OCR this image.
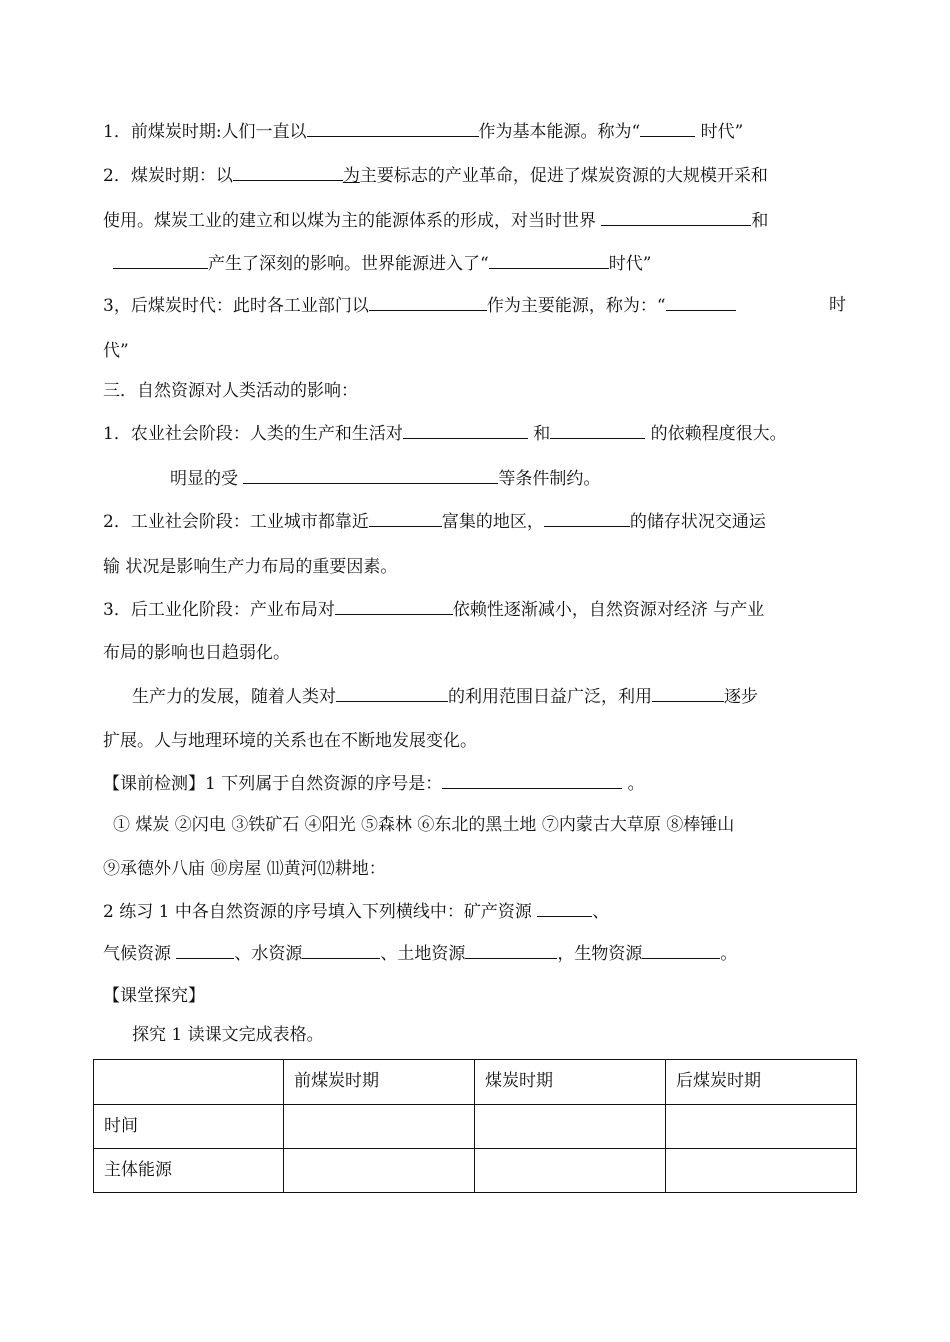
1．前煤炭时期:人们一直以	作为基本能源。称为“	时代”
2．煤炭时期：以	为主要标志的产业革命，促进了煤炭资源的大规模开采和
使用。煤炭工业的建立和以煤为主的能源体系的形成，对当时世界	和
产生了深刻的影响。世界能源进入了“	时代”
3，后煤炭时代：此时各工业部门以	作为主要能源，称为：“	时
代”
三．自然资源对人类活动的影响：
1．农业社会阶段：人类的生产和生活对	和	的依赖程度很大。
明显的受	等条件制约。
2．工业社会阶段：工业城市都靠近	富集的地区，	的储存状况交通运
输 状况是影响生产力布局的重要因素。
3．后工业化阶段：产业布局对	依赖性逐渐减小，自然资源对经济 与产业
布局的影响也日趋弱化。
生产力的发展，随着人类对	的利用范围日益广泛，利用	逐步
扩展。人与地理环境的关系也在不断地发展变化。
【课前检测】1 下列属于自然资源的序号是：	。
① 煤炭 ②闪电 ③铁矿石 ④阳光 ⑤森林 ⑥东北的黑土地 ⑦内蒙古大草原 ⑧棒锤山
⑨承德外八庙 ⑩房屋 ⑾黄河⑿耕地：
2 练习 1 中各自然资源的序号填入下列横线中：矿产资源	、
气候资源	、水资源	、土地资源	，生物资源	。
【课堂探究】
探究 1 读课文完成表格。
	前煤炭时期	煤炭时期	后煤炭时期
时间			
主体能源			
